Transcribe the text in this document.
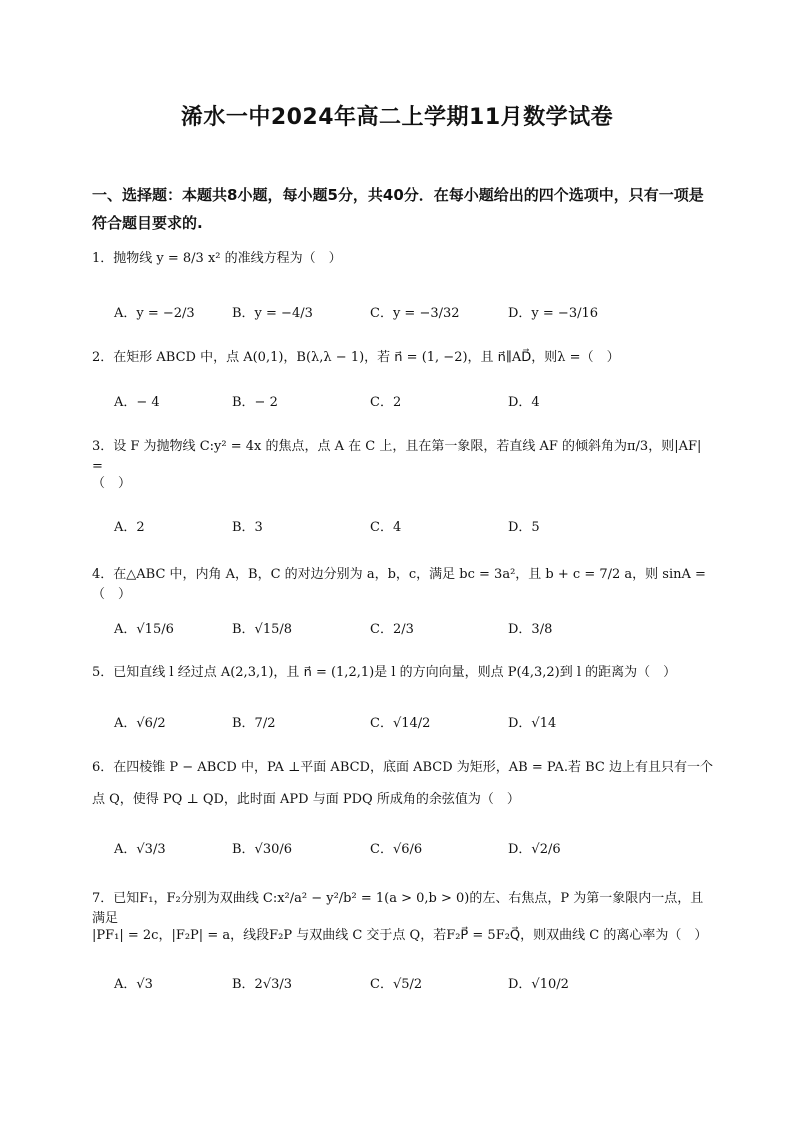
浠水一中2024年高二上学期11月数学试卷
一、选择题：本题共8小题，每小题5分，共40分．在每小题给出的四个选项中，只有一项是符合题目要求的.
1．抛物线 y = 8/3 x² 的准线方程为（　）
A．y = −2/3	B．y = −4/3	C．y = −3/32	D．y = −3/16
2．在矩形 ABCD 中，点 A(0,1)，B(λ,λ − 1)，若 n⃗ = (1, −2)，且 n⃗∥AD⃗，则λ =（　）
A．− 4	B．− 2	C．2	D．4
3．设 F 为抛物线 C:y² = 4x 的焦点，点 A 在 C 上，且在第一象限，若直线 AF 的倾斜角为π/3，则|AF| =
（　）
A．2	B．3	C．4	D．5
4．在△ABC 中，内角 A，B，C 的对边分别为 a，b，c，满足 bc = 3a²，且 b + c = 7/2 a，则 sinA =（　）
A．√15/6	B．√15/8	C．2/3	D．3/8
5．已知直线 l 经过点 A(2,3,1)，且 n⃗ = (1,2,1)是 l 的方向向量，则点 P(4,3,2)到 l 的距离为（　）
A．√6/2	B．7/2	C．√14/2	D．√14
6．在四棱锥 P − ABCD 中，PA ⊥平面 ABCD，底面 ABCD 为矩形，AB = PA.若 BC 边上有且只有一个
点 Q，使得 PQ ⊥ QD，此时面 APD 与面 PDQ 所成角的余弦值为（　）
A．√3/3	B．√30/6	C．√6/6	D．√2/6
7．已知F₁，F₂分别为双曲线 C:x²/a² − y²/b² = 1(a > 0,b > 0)的左、右焦点，P 为第一象限内一点，且满足
|PF₁| = 2c，|F₂P| = a，线段F₂P 与双曲线 C 交于点 Q，若F₂P⃗ = 5F₂Q⃗，则双曲线 C 的离心率为（　）
A．√3	B．2√3/3	C．√5/2	D．√10/2
